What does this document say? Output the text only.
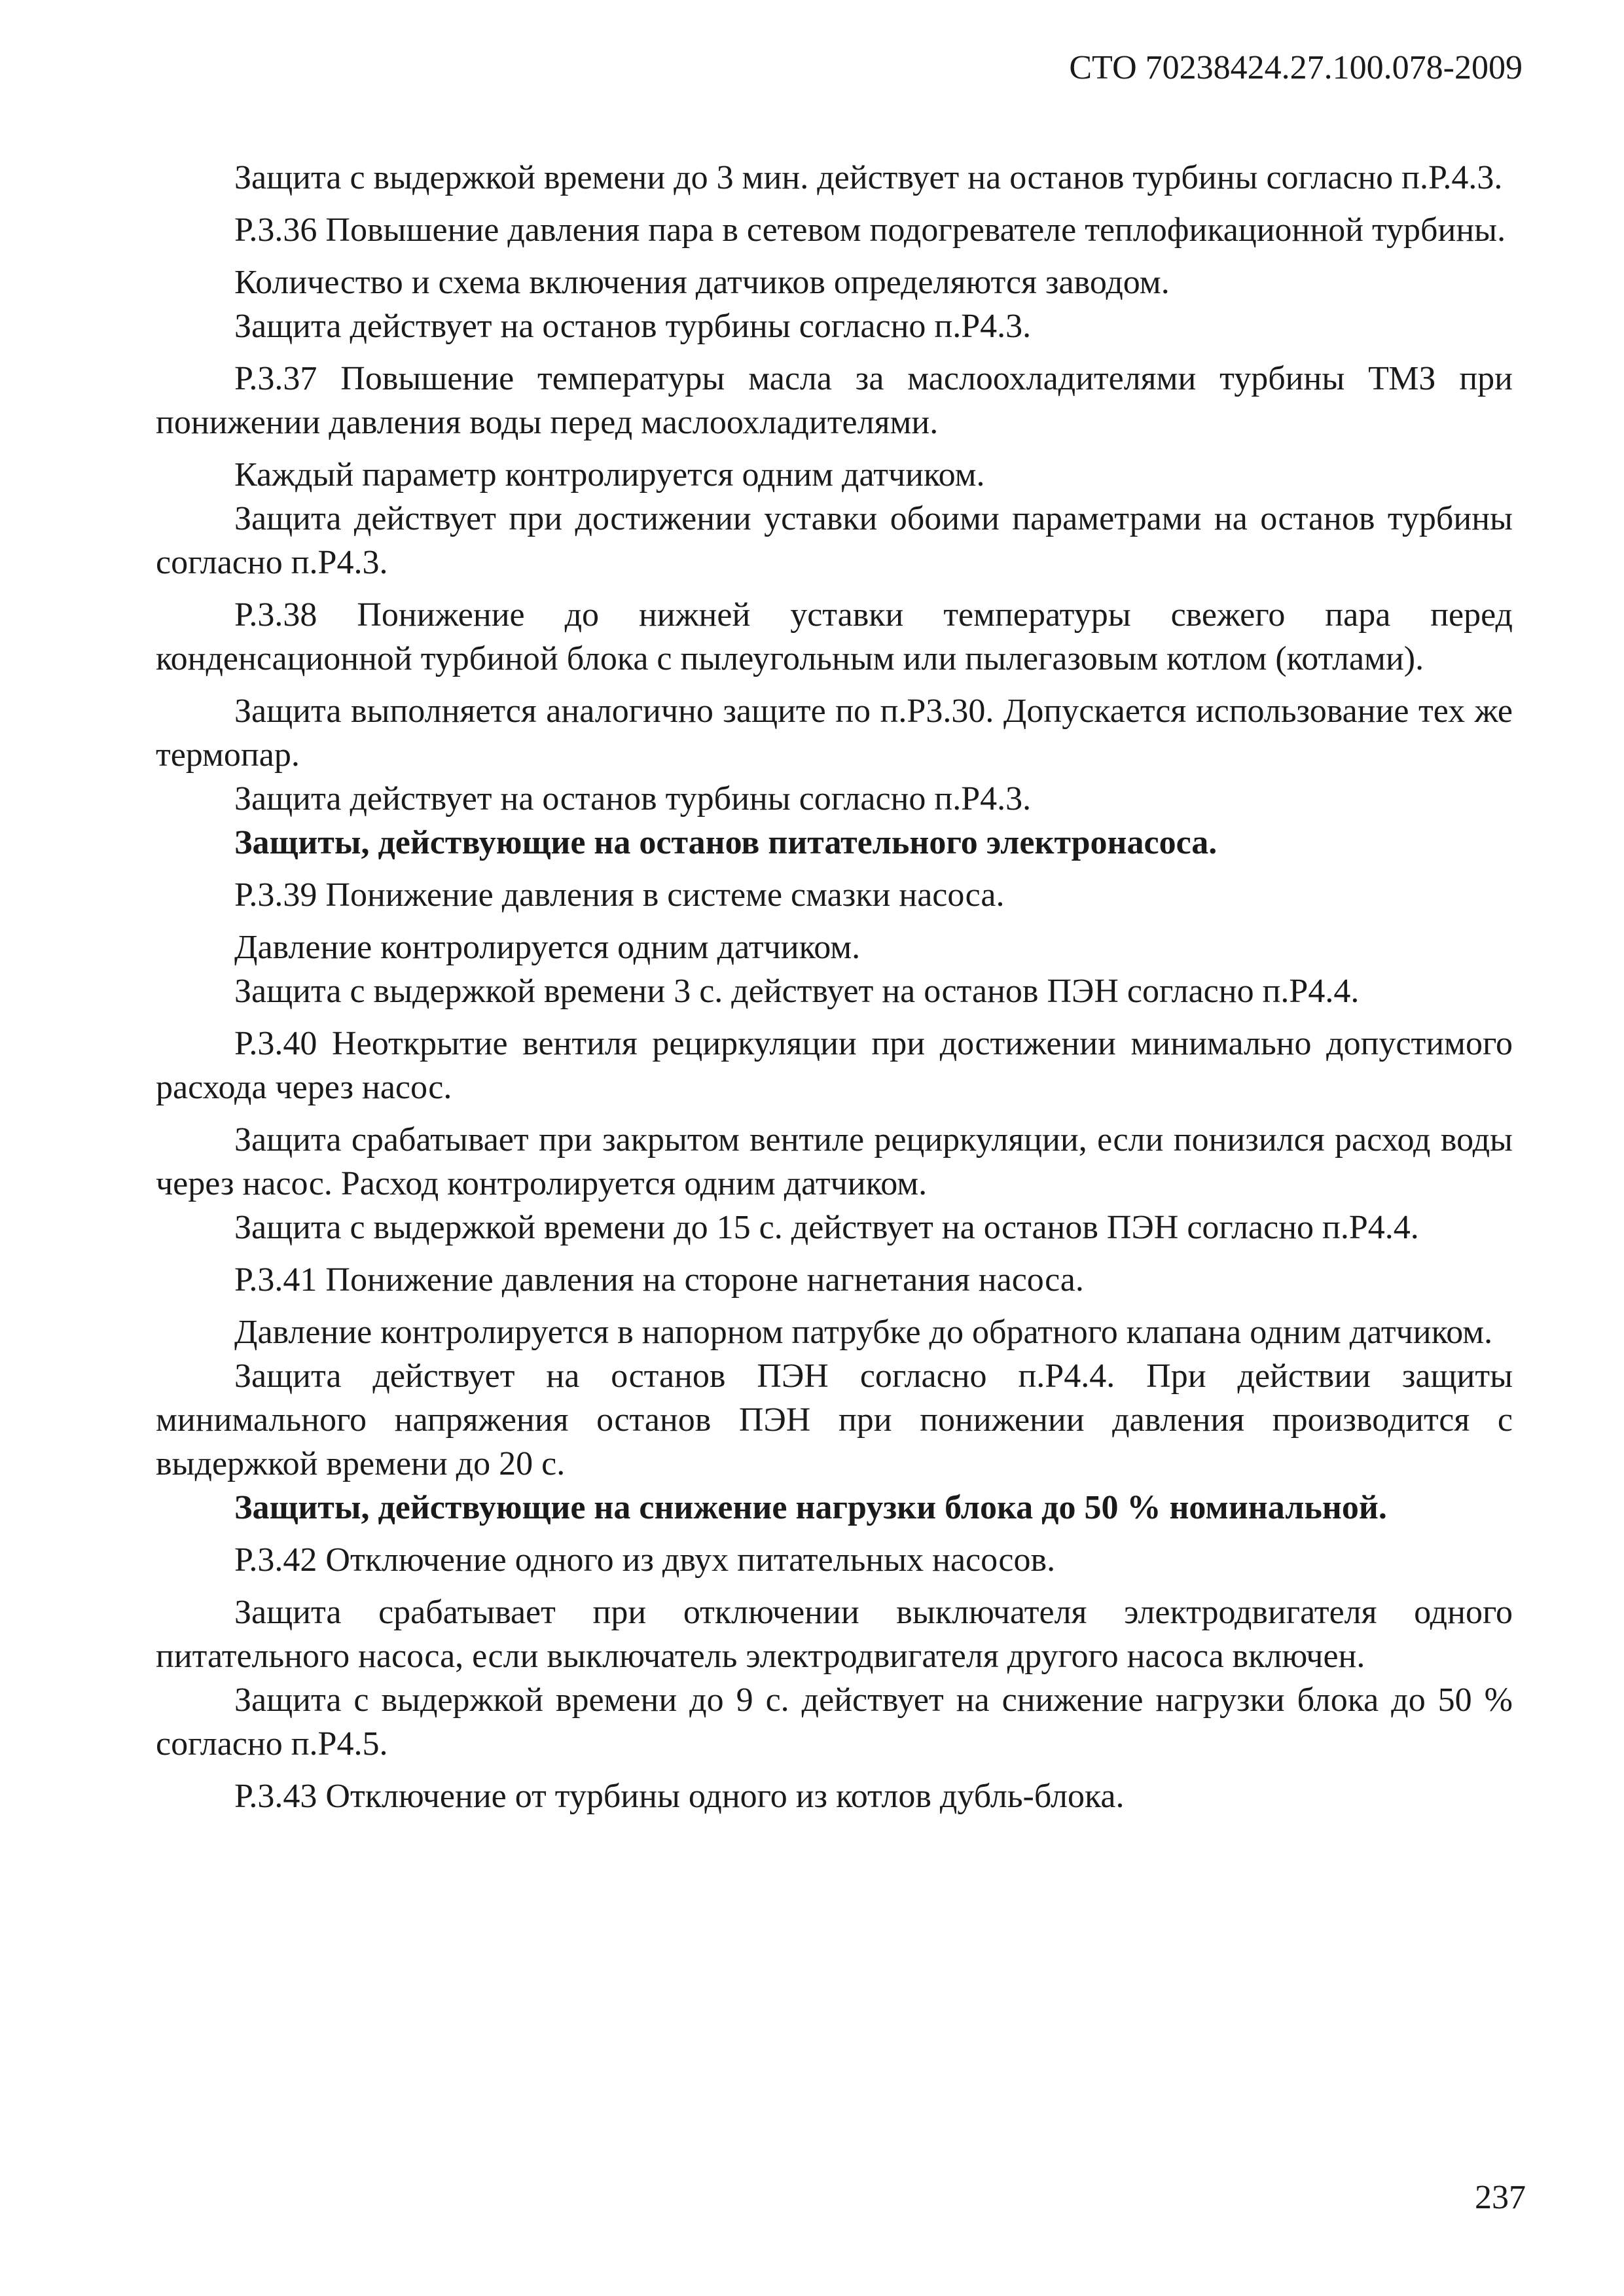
СТО 70238424.27.100.078-2009

Защита с выдержкой времени до 3 мин. действует на останов турбины согласно п.Р.4.3.

Р.3.36 Повышение давления пара в сетевом подогревателе теплофикационной турбины.

Количество и схема включения датчиков определяются заводом.

Защита действует на останов турбины согласно п.Р4.3.

Р.3.37 Повышение температуры масла за маслоохладителями турбины ТМЗ при понижении давления воды перед маслоохладителями.

Каждый параметр контролируется одним датчиком.

Защита действует при достижении уставки обоими параметрами на останов турбины согласно п.Р4.3.

Р.3.38 Понижение до нижней уставки температуры свежего пара перед конденсационной турбиной блока с пылеугольным или пылегазовым котлом (котлами).

Защита выполняется аналогично защите по п.Р3.30. Допускается использование тех же термопар.

Защита действует на останов турбины согласно п.Р4.3.

Защиты, действующие на останов питательного электронасоса.

Р.3.39 Понижение давления в системе смазки насоса.

Давление контролируется одним датчиком.

Защита с выдержкой времени 3 с. действует на останов ПЭН согласно п.Р4.4.

Р.3.40 Неоткрытие вентиля рециркуляции при достижении минимально допустимого расхода через насос.

Защита срабатывает при закрытом вентиле рециркуляции, если понизился расход воды через насос. Расход контролируется одним датчиком.

Защита с выдержкой времени до 15 с. действует на останов ПЭН согласно п.Р4.4.

Р.3.41 Понижение давления на стороне нагнетания насоса.

Давление контролируется в напорном патрубке до обратного клапана одним датчиком.

Защита действует на останов ПЭН согласно п.Р4.4. При действии защиты минимального напряжения останов ПЭН при понижении давления производится с выдержкой времени до 20 с.

Защиты, действующие на снижение нагрузки блока до 50 % номинальной.

Р.3.42 Отключение одного из двух питательных насосов.

Защита срабатывает при отключении выключателя электродвигателя одного питательного насоса, если выключатель электродвигателя другого насоса включен.

Защита с выдержкой времени до 9 с. действует на снижение нагрузки блока до 50 % согласно п.Р4.5.

Р.3.43 Отключение от турбины одного из котлов дубль-блока.

237
